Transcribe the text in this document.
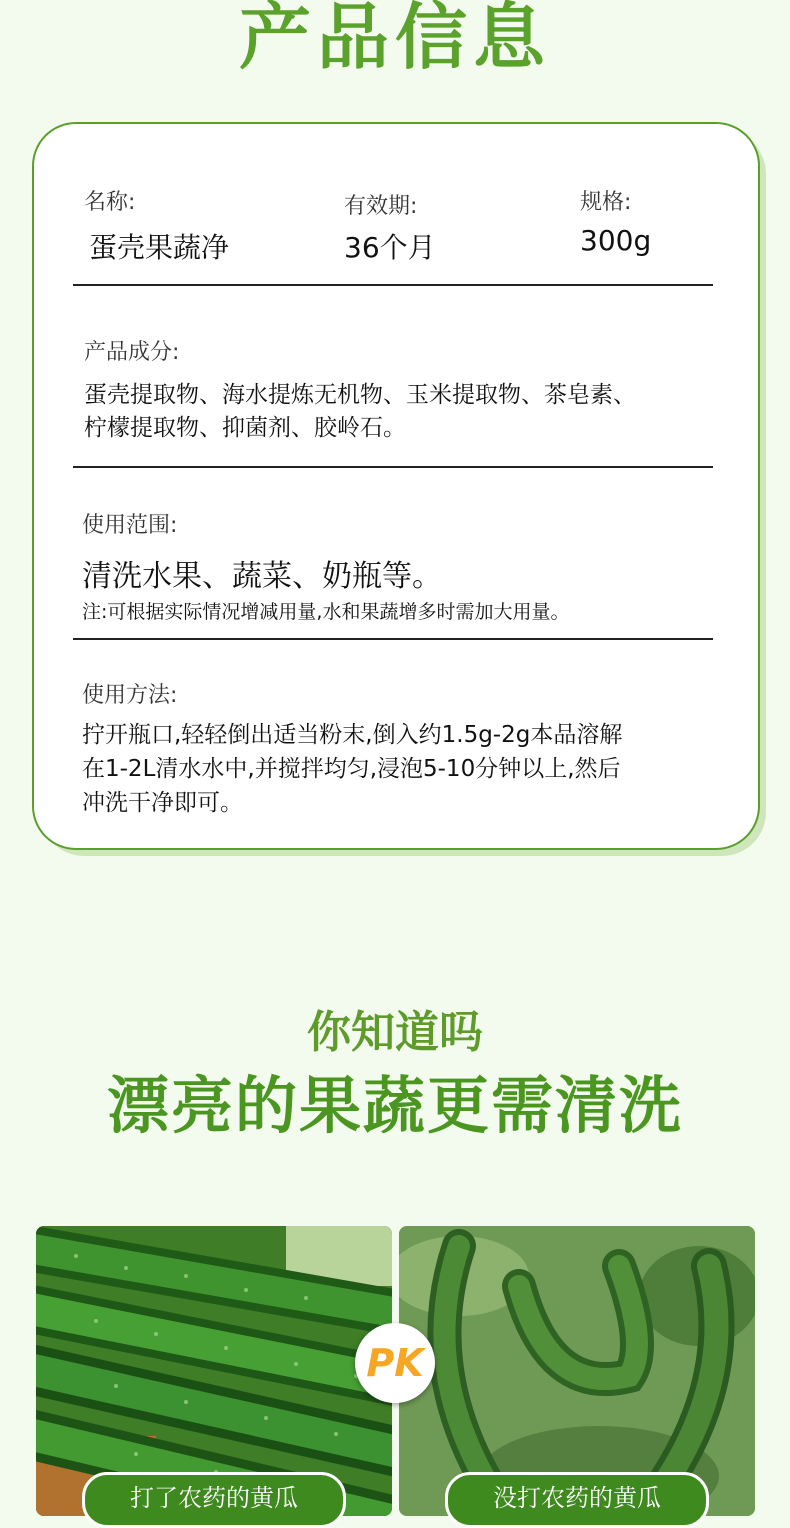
产品信息
名称:
蛋壳果蔬净
有效期:
36个月
规格:
300g
产品成分:
蛋壳提取物、海水提炼无机物、玉米提取物、茶皂素、
柠檬提取物、抑菌剂、胶岭石。
使用范围:
清洗水果、蔬菜、奶瓶等。
注:可根据实际情况增减用量,水和果蔬增多时需加大用量。
使用方法:
拧开瓶口,轻轻倒出适当粉末,倒入约1.5g-2g本品溶解
在1-2L清水水中,并搅拌均匀,浸泡5-10分钟以上,然后
冲洗干净即可。
你知道吗
漂亮的果蔬更需清洗
PK
打了农药的黄瓜	没打农药的黄瓜
